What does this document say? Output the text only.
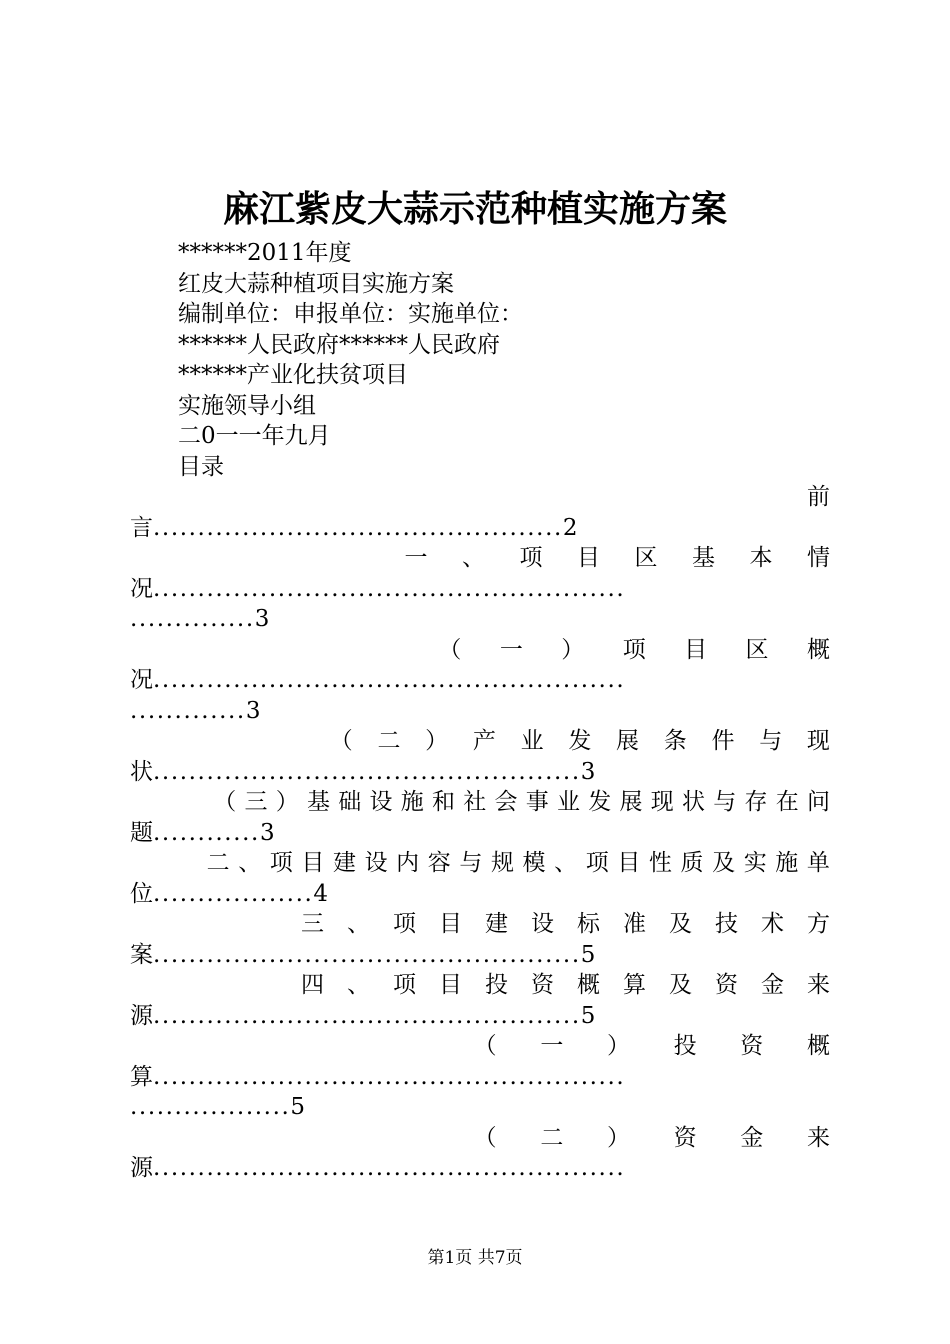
麻江紫皮大蒜示范种植实施方案
******2011年度
红皮大蒜种植项目实施方案
编制单位：申报单位：实施单位：
******人民政府******人民政府
******产业化扶贫项目
实施领导小组
二0一一年九月
目录
前
言..............................................2
一 、 项 目 区 基 本 情
况.....................................................
..............3
（ 一 ） 项 目 区 概
况.....................................................
.............3
（ 二 ） 产 业 发 展 条 件 与 现
状................................................3
（ 三 ） 基 础 设 施 和 社 会 事 业 发 展 现 状 与 存 在 问
题............3
二 、 项 目 建 设 内 容 与 规 模 、 项 目 性 质 及 实 施 单
位..................4
三 、 项 目 建 设 标 准 及 技 术 方
案................................................5
四 、 项 目 投 资 概 算 及 资 金 来
源................................................5
（ 一 ） 投 资 概
算.....................................................
..................5
（ 二 ） 资 金 来
源.....................................................
第1页 共7页
